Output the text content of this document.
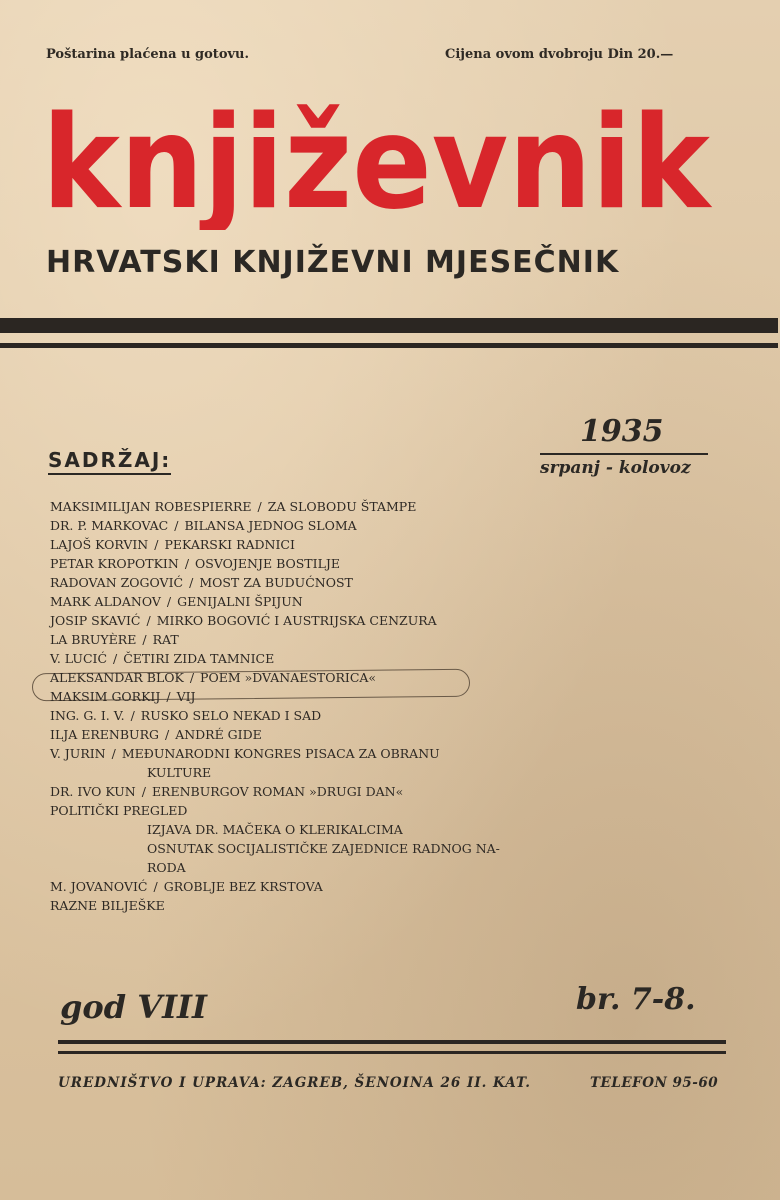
Poštarina plaćena u gotovu.	Cijena ovom dvobroju Din 20.—
književnik
HRVATSKI KNJIŽEVNI MJESEČNIK
1935
srpanj - kolovoz
SADRŽAJ:
MAKSIMILIJAN ROBESPIERRE / ZA SLOBODU ŠTAMPE
DR. P. MARKOVAC / BILANSA JEDNOG SLOMA
LAJOŠ KORVIN / PEKARSKI RADNICI
PETAR KROPOTKIN / OSVOJENJE BOSTILJE
RADOVAN ZOGOVIĆ / MOST ZA BUDUĆNOST
MARK ALDANOV / GENIJALNI ŠPIJUN
JOSIP SKAVIĆ / MIRKO BOGOVIĆ I AUSTRIJSKA CENZURA
LA BRUYÈRE / RAT
V. LUCIĆ / ČETIRI ZIDA TAMNICE
ALEKSANDAR BLOK / POEM »DVANAESTORICA«
MAKSIM GORKIJ / VIJ
ING. G. I. V. / RUSKO SELO NEKAD I SAD
ILJA ERENBURG / ANDRÉ GIDE
V. JURIN / MEĐUNARODNI KONGRES PISACA ZA OBRANU
KULTURE
DR. IVO KUN / ERENBURGOV ROMAN »DRUGI DAN«
POLITIČKI PREGLED
IZJAVA DR. MAČEKA O KLERIKALCIMA
OSNUTAK SOCIJALISTIČKE ZAJEDNICE RADNOG NA-
RODA
M. JOVANOVIĆ / GROBLJE BEZ KRSTOVA
RAZNE BILJEŠKE
god VIII	br. 7-8.
UREDNIŠTVO I UPRAVA: ZAGREB, ŠENOINA 26 II. KAT.	TELEFON 95-60
